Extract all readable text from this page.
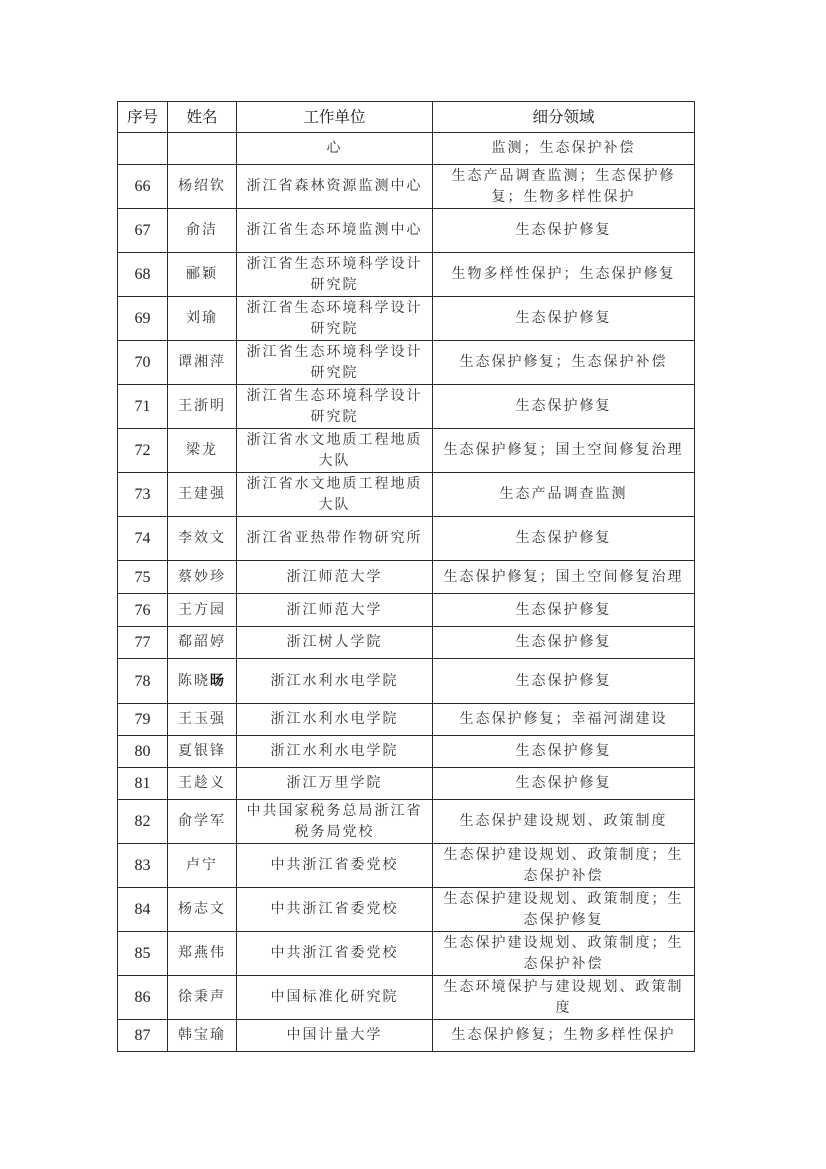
序号	姓名	工作单位	细分领域
		心	监测；生态保护补偿
66	杨绍钦	浙江省森林资源监测中心	生态产品调查监测；生态保护修复；生物多样性保护
67	俞洁	浙江省生态环境监测中心	生态保护修复
68	郦颖	浙江省生态环境科学设计研究院	生物多样性保护；生态保护修复
69	刘瑜	浙江省生态环境科学设计研究院	生态保护修复
70	谭湘萍	浙江省生态环境科学设计研究院	生态保护修复；生态保护补偿
71	王浙明	浙江省生态环境科学设计研究院	生态保护修复
72	梁龙	浙江省水文地质工程地质大队	生态保护修复；国土空间修复治理
73	王建强	浙江省水文地质工程地质大队	生态产品调查监测
74	李效文	浙江省亚热带作物研究所	生态保护修复
75	蔡妙珍	浙江师范大学	生态保护修复；国土空间修复治理
76	王方园	浙江师范大学	生态保护修复
77	郗韶婷	浙江树人学院	生态保护修复
78	陈晓旸	浙江水利水电学院	生态保护修复
79	王玉强	浙江水利水电学院	生态保护修复；幸福河湖建设
80	夏银锋	浙江水利水电学院	生态保护修复
81	王趁义	浙江万里学院	生态保护修复
82	俞学军	中共国家税务总局浙江省税务局党校	生态保护建设规划、政策制度
83	卢宁	中共浙江省委党校	生态保护建设规划、政策制度；生态保护补偿
84	杨志文	中共浙江省委党校	生态保护建设规划、政策制度；生态保护修复
85	郑燕伟	中共浙江省委党校	生态保护建设规划、政策制度；生态保护补偿
86	徐秉声	中国标准化研究院	生态环境保护与建设规划、政策制度
87	韩宝瑜	中国计量大学	生态保护修复；生物多样性保护
